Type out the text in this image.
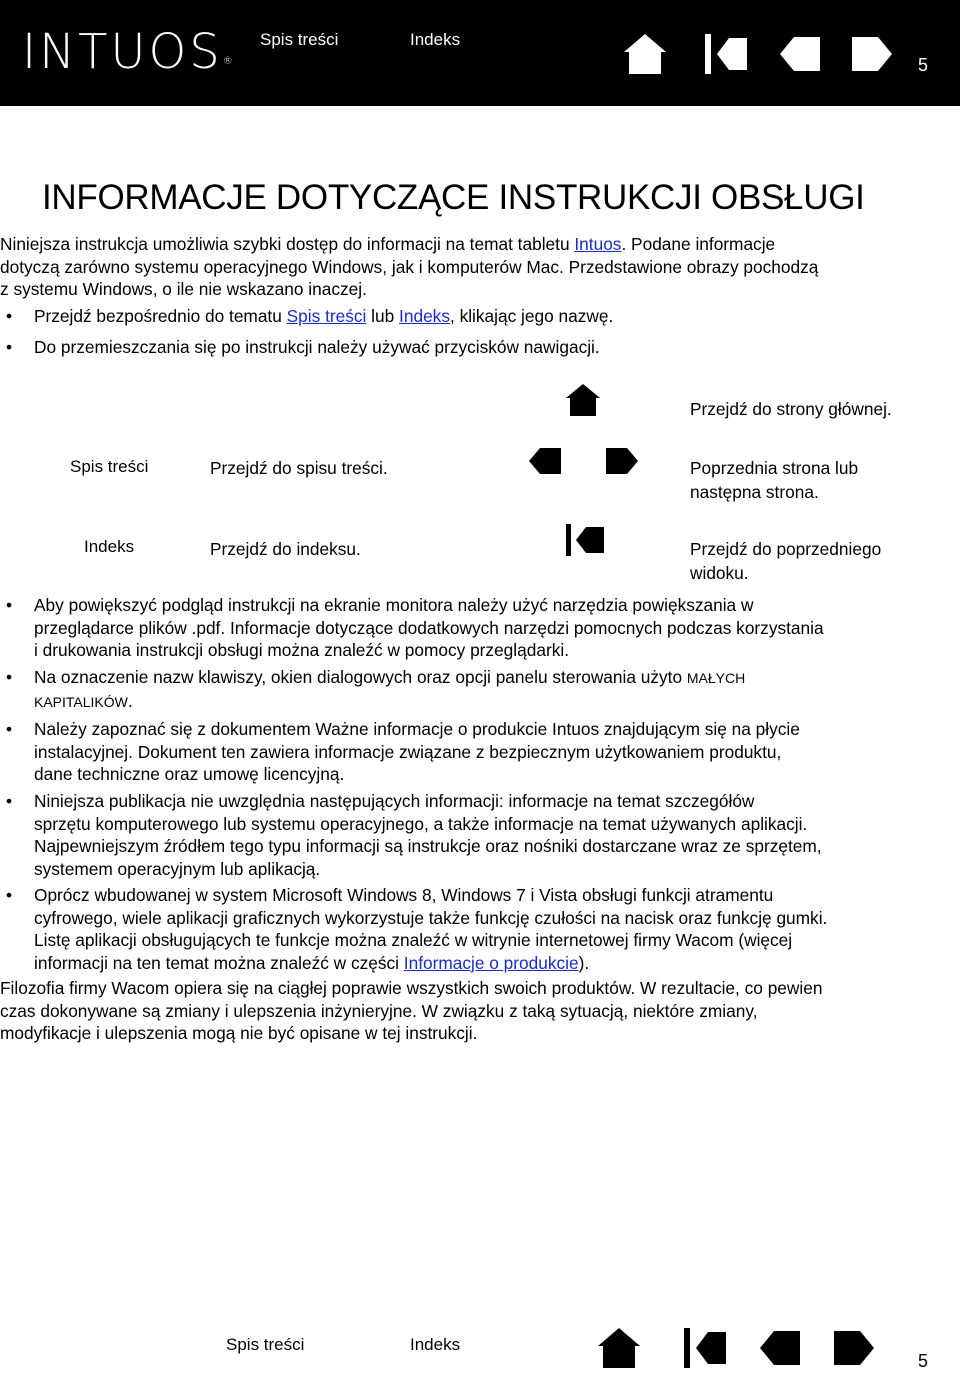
INTUOS®
Spis treści	Indeks
5
INFORMACJE DOTYCZĄCE INSTRUKCJI OBSŁUGI
Niniejsza instrukcja umożliwia szybki dostęp do informacji na temat tabletu Intuos. Podane informacje
dotyczą zarówno systemu operacyjnego Windows, jak i komputerów Mac. Przedstawione obrazy pochodzą
z systemu Windows, o ile nie wskazano inaczej.
• Przejdź bezpośrednio do tematu Spis treści lub Indeks, klikając jego nazwę.
• Do przemieszczania się po instrukcji należy używać przycisków nawigacji.
Przejdź do strony głównej.
Spis treści	Przejdź do spisu treści.	Poprzednia strona lub
następna strona.
Indeks	Przejdź do indeksu.	Przejdź do poprzedniego
widoku.
• Aby powiększyć podgląd instrukcji na ekranie monitora należy użyć narzędzia powiększania w
przeglądarce plików .pdf. Informacje dotyczące dodatkowych narzędzi pomocnych podczas korzystania
i drukowania instrukcji obsługi można znaleźć w pomocy przeglądarki.
• Na oznaczenie nazw klawiszy, okien dialogowych oraz opcji panelu sterowania użyto MAŁYCH
KAPITALIKÓW.
• Należy zapoznać się z dokumentem Ważne informacje o produkcie Intuos znajdującym się na płycie
instalacyjnej. Dokument ten zawiera informacje związane z bezpiecznym użytkowaniem produktu,
dane techniczne oraz umowę licencyjną.
• Niniejsza publikacja nie uwzględnia następujących informacji: informacje na temat szczegółów
sprzętu komputerowego lub systemu operacyjnego, a także informacje na temat używanych aplikacji.
Najpewniejszym źródłem tego typu informacji są instrukcje oraz nośniki dostarczane wraz ze sprzętem,
systemem operacyjnym lub aplikacją.
• Oprócz wbudowanej w system Microsoft Windows 8, Windows 7 i Vista obsługi funkcji atramentu
cyfrowego, wiele aplikacji graficznych wykorzystuje także funkcję czułości na nacisk oraz funkcję gumki.
Listę aplikacji obsługujących te funkcje można znaleźć w witrynie internetowej firmy Wacom (więcej
informacji na ten temat można znaleźć w części Informacje o produkcie).
Filozofia firmy Wacom opiera się na ciągłej poprawie wszystkich swoich produktów. W rezultacie, co pewien
czas dokonywane są zmiany i ulepszenia inżynieryjne. W związku z taką sytuacją, niektóre zmiany,
modyfikacje i ulepszenia mogą nie być opisane w tej instrukcji.
Spis treści	Indeks
5
